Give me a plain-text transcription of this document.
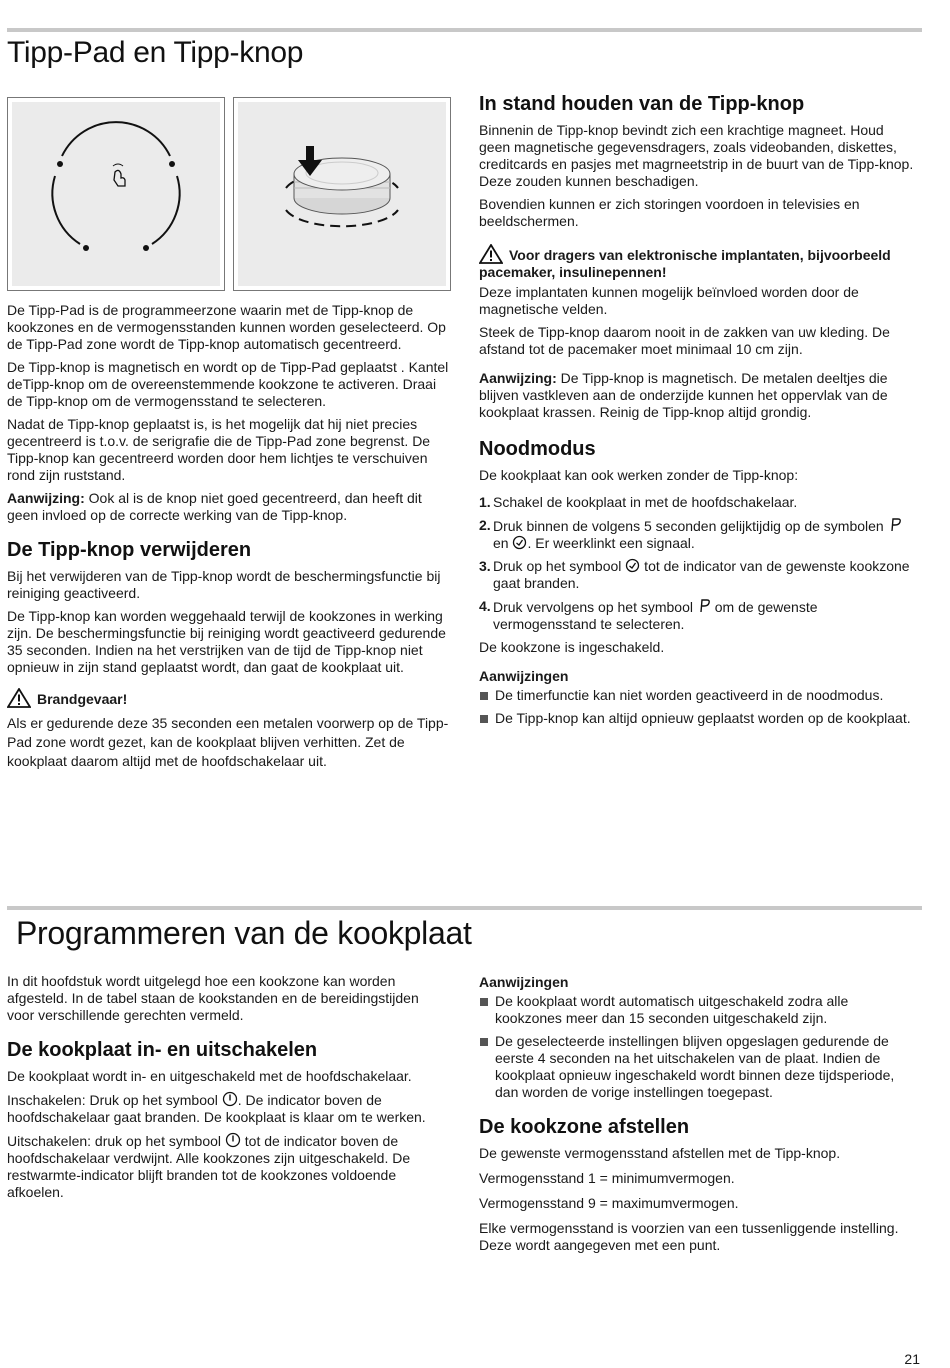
Tipp-Pad en Tipp-knop

De Tipp-Pad is de programmeerzone waarin met de Tipp-knop de kookzones en de vermogensstanden kunnen worden geselecteerd. Op de Tipp-Pad zone wordt de Tipp-knop automatisch gecentreerd.

De Tipp-knop is magnetisch en wordt op de Tipp-Pad geplaatst . Kantel deTipp-knop om de overeenstemmende kookzone te activeren. Draai de Tipp-knop om de vermogensstand te selecteren.

Nadat de Tipp-knop geplaatst is, is het mogelijk dat hij niet precies gecentreerd is t.o.v. de serigrafie die de Tipp-Pad zone begrenst. De Tipp-knop kan gecentreerd worden door hem lichtjes te verschuiven rond zijn ruststand.

Aanwijzing: Ook al is de knop niet goed gecentreerd, dan heeft dit geen invloed op de correcte werking van de Tipp-knop.

De Tipp-knop verwijderen

Bij het verwijderen van de Tipp-knop wordt de beschermingsfunctie bij reiniging geactiveerd.

De Tipp-knop kan worden weggehaald terwijl de kookzones in werking zijn. De beschermingsfunctie bij reiniging wordt geactiveerd gedurende 35 seconden. Indien na het verstrijken van de tijd de Tipp-knop niet opnieuw in zijn stand geplaatst wordt, dan gaat de kookplaat uit.

Brandgevaar!

Als er gedurende deze 35 seconden een metalen voorwerp op de Tipp-Pad zone wordt gezet, kan de kookplaat blijven verhitten. Zet de kookplaat daarom altijd met de hoofdschakelaar uit.

In stand houden van de Tipp-knop

Binnenin de Tipp-knop bevindt zich een krachtige magneet. Houd geen magnetische gegevensdragers, zoals videobanden, diskettes, creditcards en pasjes met magrneetstrip in de buurt van de Tipp-knop. Deze zouden kunnen beschadigen.

Bovendien kunnen er zich storingen voordoen in televisies en beeldschermen.

Voor dragers van elektronische implantaten, bijvoorbeeld pacemaker, insulinepennen!

Deze implantaten kunnen mogelijk beïnvloed worden door de magnetische velden.

Steek de Tipp-knop daarom nooit in de zakken van uw kleding. De afstand tot de pacemaker moet minimaal 10 cm zijn.

Aanwijzing: De Tipp-knop is magnetisch. De metalen deeltjes die blijven vastkleven aan de onderzijde kunnen het oppervlak van de kookplaat krassen. Reinig de Tipp-knop altijd grondig.

Noodmodus

De kookplaat kan ook werken zonder de Tipp-knop:

1. Schakel de kookplaat in met de hoofdschakelaar.
2. Druk binnen de volgens 5 seconden gelijktijdig op de symbolen  en . Er weerklinkt een signaal.
3. Druk op het symbool  tot de indicator van de gewenste kookzone gaat branden.
4. Druk vervolgens op het symbool  om de gewenste vermogensstand te selecteren.

De kookzone is ingeschakeld.

Aanwijzingen
De timerfunctie kan niet worden geactiveerd in de noodmodus.
De Tipp-knop kan altijd opnieuw geplaatst worden op de kookplaat.
Programmeren van de kookplaat

In dit hoofdstuk wordt uitgelegd hoe een kookzone kan worden afgesteld. In de tabel staan de kookstanden en de bereidingstijden voor verschillende gerechten vermeld.

De kookplaat in- en uitschakelen

De kookplaat wordt in- en uitgeschakeld met de hoofdschakelaar.

Inschakelen: Druk op het symbool . De indicator boven de hoofdschakelaar gaat branden. De kookplaat is klaar om te werken.

Uitschakelen: druk op het symbool  tot de indicator boven de hoofdschakelaar verdwijnt. Alle kookzones zijn uitgeschakeld. De restwarmte-indicator blijft branden tot de kookzones voldoende afkoelen.

Aanwijzingen
De kookplaat wordt automatisch uitgeschakeld zodra alle kookzones meer dan 15 seconden uitgeschakeld zijn.
De geselecteerde instellingen blijven opgeslagen gedurende de eerste 4 seconden na het uitschakelen van de plaat. Indien de kookplaat opnieuw ingeschakeld wordt binnen deze tijdsperiode, dan worden de vorige instellingen toegepast.
De kookzone afstellen

De gewenste vermogensstand afstellen met de Tipp-knop.

Vermogensstand 1 = minimumvermogen.

Vermogensstand 9 = maximumvermogen.

Elke vermogensstand is voorzien van een tussenliggende instelling. Deze wordt aangegeven met een punt.

21
